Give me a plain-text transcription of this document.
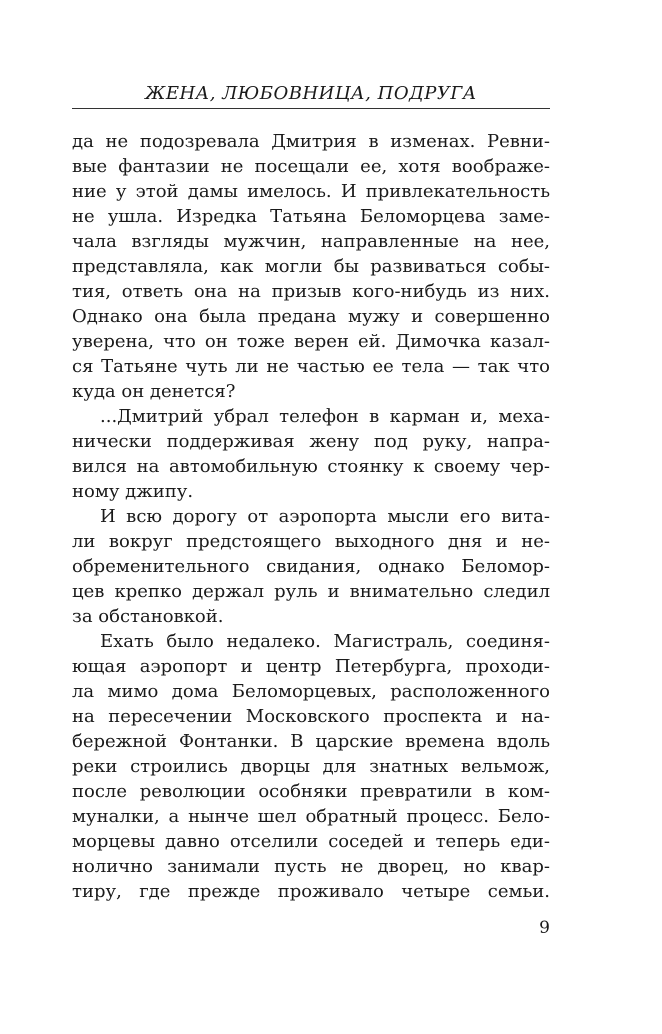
ЖЕНА, ЛЮБОВНИЦА, ПОДРУГА
да не подозревала Дмитрия в изменах. Ревни-
вые фантазии не посещали ее, хотя воображе-
ние у этой дамы имелось. И привлекательность
не ушла. Изредка Татьяна Беломорцева заме-
чала взгляды мужчин, направленные на нее,
представляла, как могли бы развиваться собы-
тия, ответь она на призыв кого-нибудь из них.
Однако она была предана мужу и совершенно
уверена, что он тоже верен ей. Димочка казал-
ся Татьяне чуть ли не частью ее тела — так что
куда он денется?
...Дмитрий убрал телефон в карман и, меха-
нически поддерживая жену под руку, напра-
вился на автомобильную стоянку к своему чер-
ному джипу.
И всю дорогу от аэропорта мысли его вита-
ли вокруг предстоящего выходного дня и не-
обременительного свидания, однако Беломор-
цев крепко держал руль и внимательно следил
за обстановкой.
Ехать было недалеко. Магистраль, соединя-
ющая аэропорт и центр Петербурга, проходи-
ла мимо дома Беломорцевых, расположенного
на пересечении Московского проспекта и на-
бережной Фонтанки. В царские времена вдоль
реки строились дворцы для знатных вельмож,
после революции особняки превратили в ком-
муналки, а нынче шел обратный процесс. Бело-
морцевы давно отселили соседей и теперь еди-
нолично занимали пусть не дворец, но квар-
тиру, где прежде проживало четыре семьи.
9
